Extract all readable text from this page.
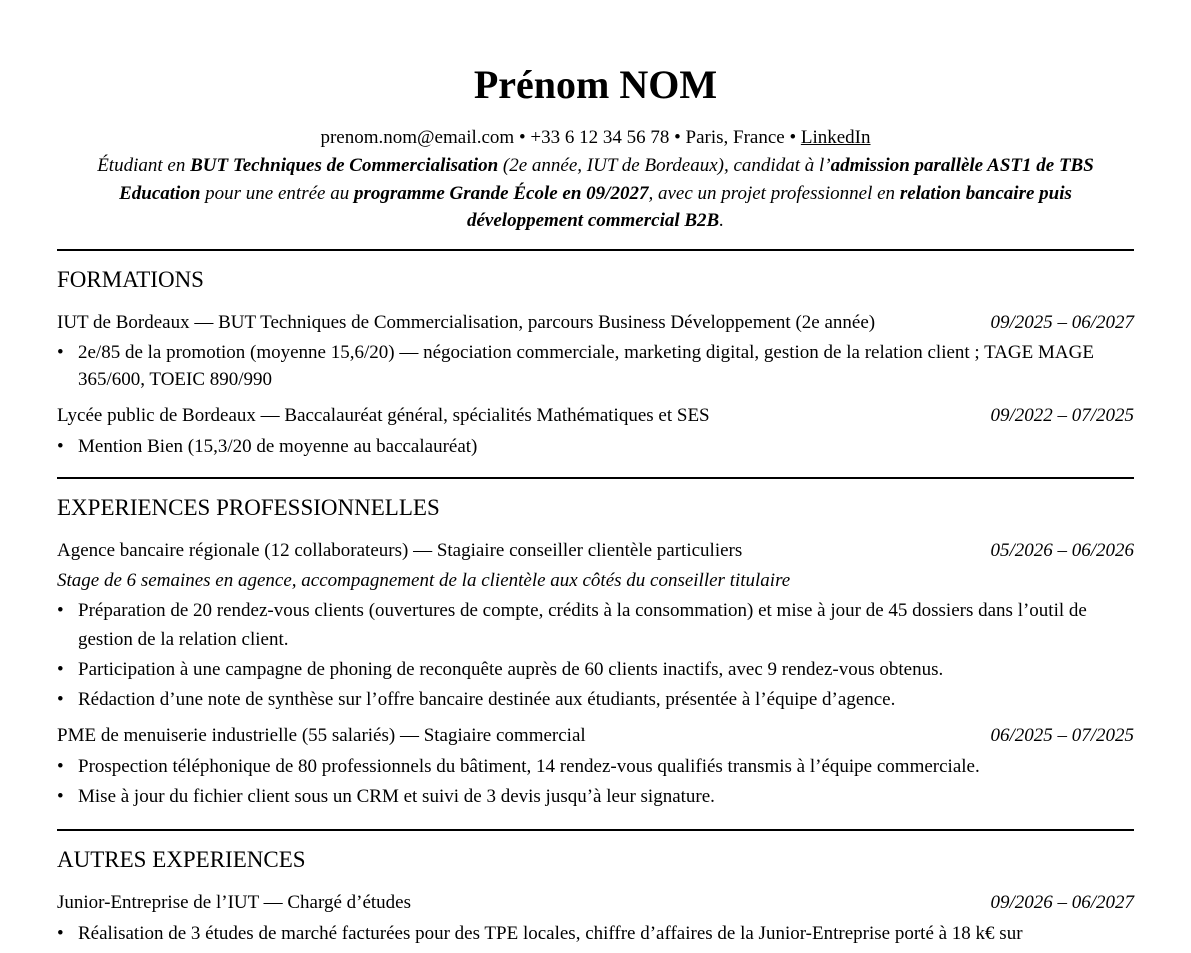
Prénom NOM
prenom.nom@email.com • +33 6 12 34 56 78 • Paris, France • LinkedIn
Étudiant en BUT Techniques de Commercialisation (2e année, IUT de Bordeaux), candidat à l’admission parallèle AST1 de TBS Education pour une entrée au programme Grande École en 09/2027, avec un projet professionnel en relation bancaire puis développement commercial B2B.
FORMATIONS
IUT de Bordeaux — BUT Techniques de Commercialisation, parcours Business Développement (2e année)	09/2025 – 06/2027
• 2e/85 de la promotion (moyenne 15,6/20) — négociation commerciale, marketing digital, gestion de la relation client ; TAGE MAGE 365/600, TOEIC 890/990
Lycée public de Bordeaux — Baccalauréat général, spécialités Mathématiques et SES	09/2022 – 07/2025
• Mention Bien (15,3/20 de moyenne au baccalauréat)
EXPERIENCES PROFESSIONNELLES
Agence bancaire régionale (12 collaborateurs) — Stagiaire conseiller clientèle particuliers	05/2026 – 06/2026
Stage de 6 semaines en agence, accompagnement de la clientèle aux côtés du conseiller titulaire
• Préparation de 20 rendez-vous clients (ouvertures de compte, crédits à la consommation) et mise à jour de 45 dossiers dans l’outil de gestion de la relation client.
• Participation à une campagne de phoning de reconquête auprès de 60 clients inactifs, avec 9 rendez-vous obtenus.
• Rédaction d’une note de synthèse sur l’offre bancaire destinée aux étudiants, présentée à l’équipe d’agence.
PME de menuiserie industrielle (55 salariés) — Stagiaire commercial	06/2025 – 07/2025
• Prospection téléphonique de 80 professionnels du bâtiment, 14 rendez-vous qualifiés transmis à l’équipe commerciale.
• Mise à jour du fichier client sous un CRM et suivi de 3 devis jusqu’à leur signature.
AUTRES EXPERIENCES
Junior-Entreprise de l’IUT — Chargé d’études	09/2026 – 06/2027
• Réalisation de 3 études de marché facturées pour des TPE locales, chiffre d’affaires de la Junior-Entreprise porté à 18 k€ sur
